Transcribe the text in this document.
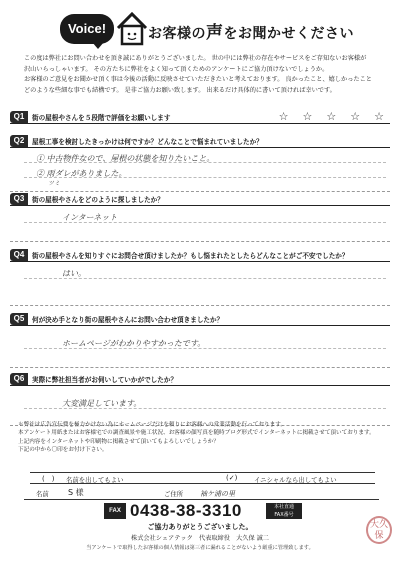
Voice!	お客様の声をお聞かせください

この度は弊社にお問い合わせを頂き誠にありがとうございました。 世の中には弊社の存在やサービスをご存知ないお客様が

沢山いらっしゃいます。 その方たちに弊社をよく知って頂くためのアンケートにご協力頂けないでしょうか。

お客様のご意見をお聞かせ頂く事は今後の活動に反映させていただきたいと考えております。 良かったこと、嬉しかったこと

どのような些細な事でも結構です。 是非ご協力お願い致します。 出来るだけ具体的に書いて頂ければ幸いです。

Q1	街の屋根やさんを５段階で評価をお願いします	☆ ☆ ☆ ☆ ☆
Q2	屋根工事を検討したきっかけは何ですか？どんなことで悩まれていましたか？
① 中古物件なので、屋根の状態を知りたいこと。
② 雨ダレがありました。
ツミ
Q3	街の屋根やさんをどのように探しましたか？
インターネット
Q4	街の屋根やさんを知りすぐにお問合せ頂けましたか？もし悩まれたとしたらどんなことがご不安でしたか？
はい。
Q5	何が決め手となり街の屋根やさんにお問い合わせ頂きましたか？
ホームページがわかりやすかったです。
Q6	実際に弊社担当者がお伺いしていかがでしたか？
大変満足しています。

＊弊社は広告宣伝費を極力かけない為にホームページだけを頼りにお客様への営業活動を行っております。

本アンケート用紙またはお客様宅での調査風景や施工状況、お客様の顔写真を随時ブログ形式でインターネットに掲載させて頂いております。

上記内容をインターネットや印刷物に掲載させて頂いてもよろしいでしょうか？

下記の中から〇印をお付け下さい。

(　) 名前を出してもよい	(✓)	イニシャルなら出してもよい
名前 S 様	ご住所 袖ケ浦の里
FAX 0438-38-3310	本社直通
FAX番号
ご協力ありがとうございました。
株式会社シェアテック　代表取締役　大久保 誠二
当アンケートで取得したお客様の個人情報は第三者に漏れることがないよう厳重に管理致します。
大久保
